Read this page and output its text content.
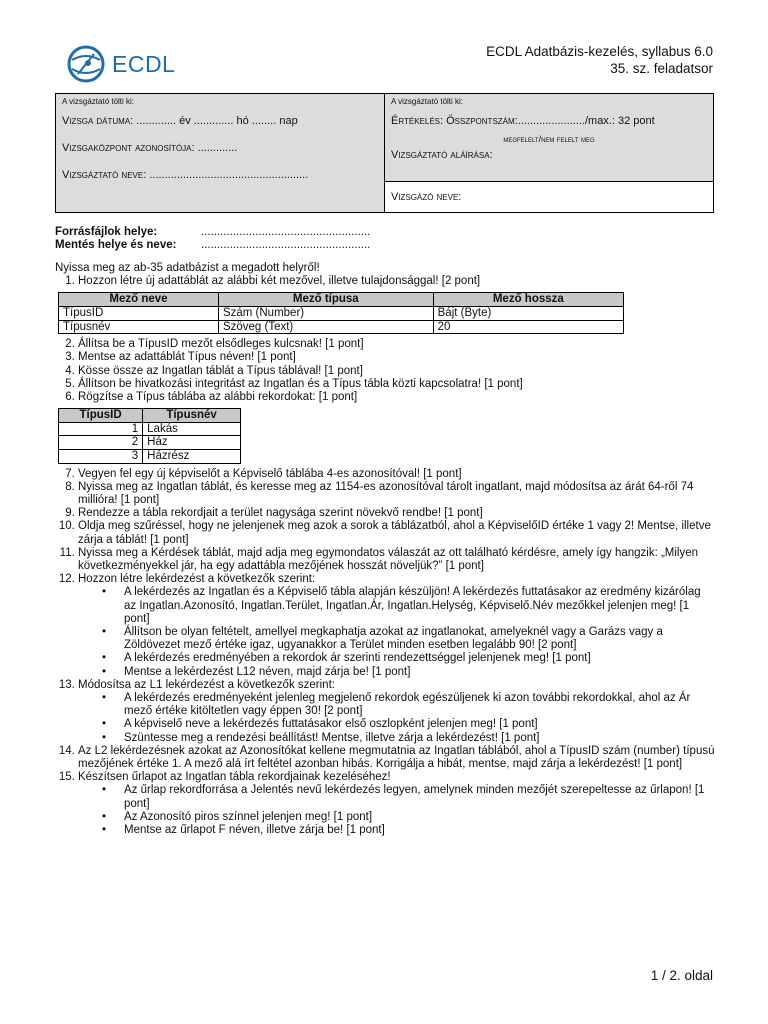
ECDL	ECDL Adatbázis-kezelés, syllabus 6.0
35. sz. feladatsor
A vizsgáztató tölti ki:
Vizsga dátuma: ............. év ............. hó ........ nap
Vizsgaközpont azonosítója: .............
Vizsgáztató neve: ....................................................
A vizsgáztató tölti ki:
Értékelés: Összpontszám:....................../max.: 32 pont
megfelelt/nem felelt meg
Vizsgáztató aláírása:
Vizsgázó neve:
Forrásfájlok helye:	.....................................................
Mentés helye és neve:	.....................................................
Nyissa meg az ab-35 adatbázist a megadott helyről!
1. Hozzon létre új adattáblát az alábbi két mezővel, illetve tulajdonsággal! [2 pont]
Mező neve	Mező típusa	Mező hossza
TípusID	Szám (Number)	Bájt (Byte)
Típusnév	Szöveg (Text)	20
2. Állítsa be a TípusID mezőt elsődleges kulcsnak! [1 pont]
3. Mentse az adattáblát Típus néven! [1 pont]
4. Kösse össze az Ingatlan táblát a Típus táblával! [1 pont]
5. Állítson be hivatkozási integritást az Ingatlan és a Típus tábla közti kapcsolatra! [1 pont]
6. Rögzítse a Típus táblába az alábbi rekordokat: [1 pont]
TípusID	Típusnév
1	Lakás
2	Ház
3	Házrész
7. Vegyen fel egy új képviselőt a Képviselő táblába 4-es azonosítóval! [1 pont]
8. Nyissa meg az Ingatlan táblát, és keresse meg az 1154-es azonosítóval tárolt ingatlant, majd módosítsa az árát 64-ről 74 millióra! [1 pont]
9. Rendezze a tábla rekordjait a terület nagysága szerint növekvő rendbe! [1 pont]
10. Oldja meg szűréssel, hogy ne jelenjenek meg azok a sorok a táblázatból, ahol a KépviselőID értéke 1 vagy 2! Mentse, illetve zárja a táblát! [1 pont]
11. Nyissa meg a Kérdések táblát, majd adja meg egymondatos válaszát az ott található kérdésre, amely így hangzik: „Milyen következményekkel jár, ha egy adattábla mezőjének hosszát növeljük?” [1 pont]
12. Hozzon létre lekérdezést a következők szerint:
• A lekérdezés az Ingatlan és a Képviselő tábla alapján készüljön! A lekérdezés futtatásakor az eredmény kizárólag az Ingatlan.Azonosító, Ingatlan.Terület, Ingatlan.Ár, Ingatlan.Helység, Képviselő.Név mezőkkel jelenjen meg! [1 pont]
• Állítson be olyan feltételt, amellyel megkaphatja azokat az ingatlanokat, amelyeknél vagy a Garázs vagy a Zöldövezet mező értéke igaz, ugyanakkor a Terület minden esetben legalább 90! [2 pont]
• A lekérdezés eredményében a rekordok ár szerinti rendezettséggel jelenjenek meg! [1 pont]
• Mentse a lekérdezést L12 néven, majd zárja be! [1 pont]
13. Módosítsa az L1 lekérdezést a következők szerint:
• A lekérdezés eredményeként jelenleg megjelenő rekordok egészüljenek ki azon további rekordokkal, ahol az Ár mező értéke kitöltetlen vagy éppen 30! [2 pont]
• A képviselő neve a lekérdezés futtatásakor első oszlopként jelenjen meg! [1 pont]
• Szüntesse meg a rendezési beállítást! Mentse, illetve zárja a lekérdezést! [1 pont]
14. Az L2 lekérdezésnek azokat az Azonosítókat kellene megmutatnia az Ingatlan táblából, ahol a TípusID szám (number) típusú mezőjének értéke 1. A mező alá írt feltétel azonban hibás. Korrigálja a hibát, mentse, majd zárja a lekérdezést! [1 pont]
15. Készítsen űrlapot az Ingatlan tábla rekordjainak kezeléséhez!
• Az űrlap rekordforrása a Jelentés nevű lekérdezés legyen, amelynek minden mezőjét szerepeltesse az űrlapon! [1 pont]
• Az Azonosító piros színnel jelenjen meg! [1 pont]
• Mentse az űrlapot F néven, illetve zárja be! [1 pont]
1 / 2. oldal
